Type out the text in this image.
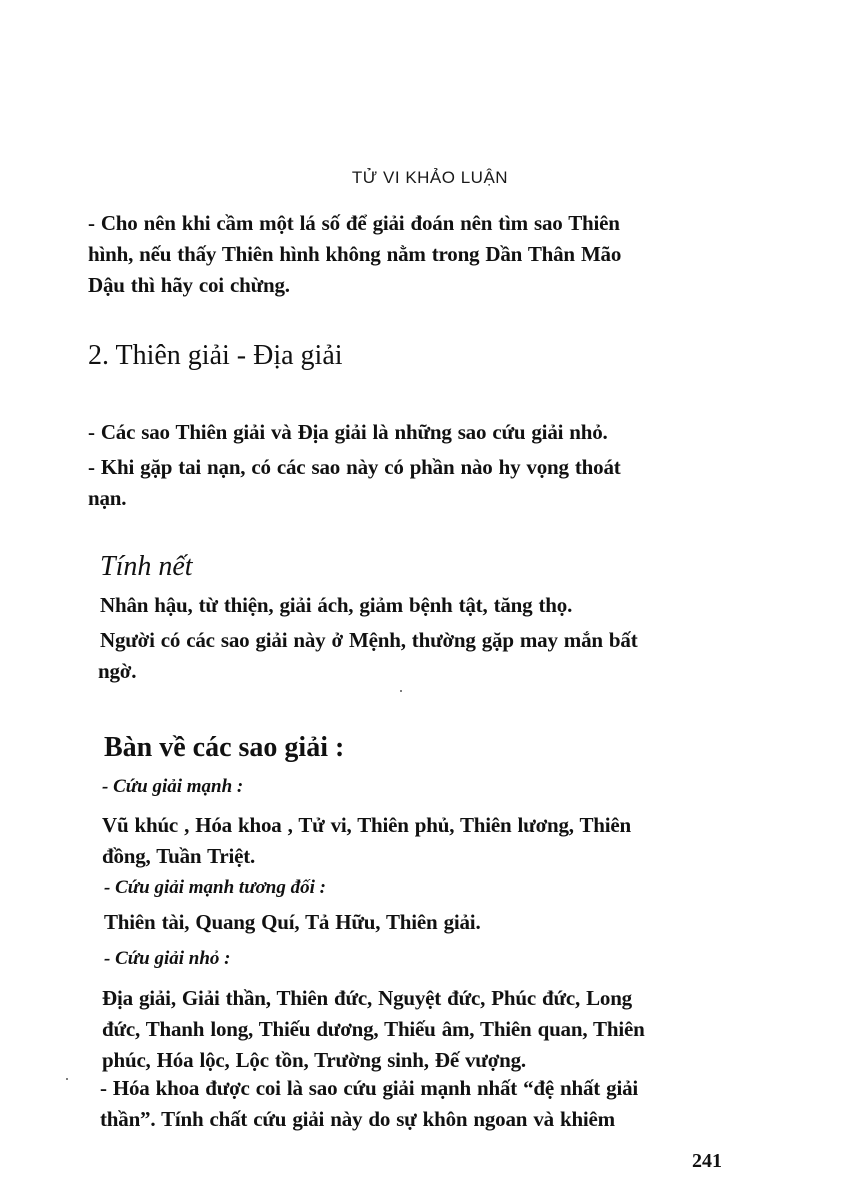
TỬ VI KHẢO LUẬN

- Cho nên khi cầm một lá số để giải đoán nên tìm sao Thiên

hình, nếu thấy Thiên hình không nằm trong Dần Thân Mão

Dậu thì hãy coi chừng.

2. Thiên giải - Địa giải

- Các sao Thiên giải và Địa giải là những sao cứu giải nhỏ.

- Khi gặp tai nạn, có các sao này có phần nào hy vọng thoát

nạn.

Tính nết

Nhân hậu, từ thiện, giải ách, giảm bệnh tật, tăng thọ.

Người có các sao giải này ở Mệnh, thường gặp may mắn bất

ngờ.

Bàn về các sao giải :
- Cứu giải mạnh :

Vũ khúc , Hóa khoa , Tử vi, Thiên phủ, Thiên lương, Thiên

đồng, Tuần Triệt.

- Cứu giải mạnh tương đối :

Thiên tài, Quang Quí, Tả Hữu, Thiên giải.

- Cứu giải nhỏ :

Địa giải, Giải thần, Thiên đức, Nguyệt đức, Phúc đức, Long

đức, Thanh long, Thiếu dương, Thiếu âm, Thiên quan, Thiên

phúc, Hóa lộc, Lộc tồn, Trường sinh, Đế vượng.

- Hóa khoa được coi là sao cứu giải mạnh nhất “đệ nhất giải

thần”. Tính chất cứu giải này do sự khôn ngoan và khiêm

241
